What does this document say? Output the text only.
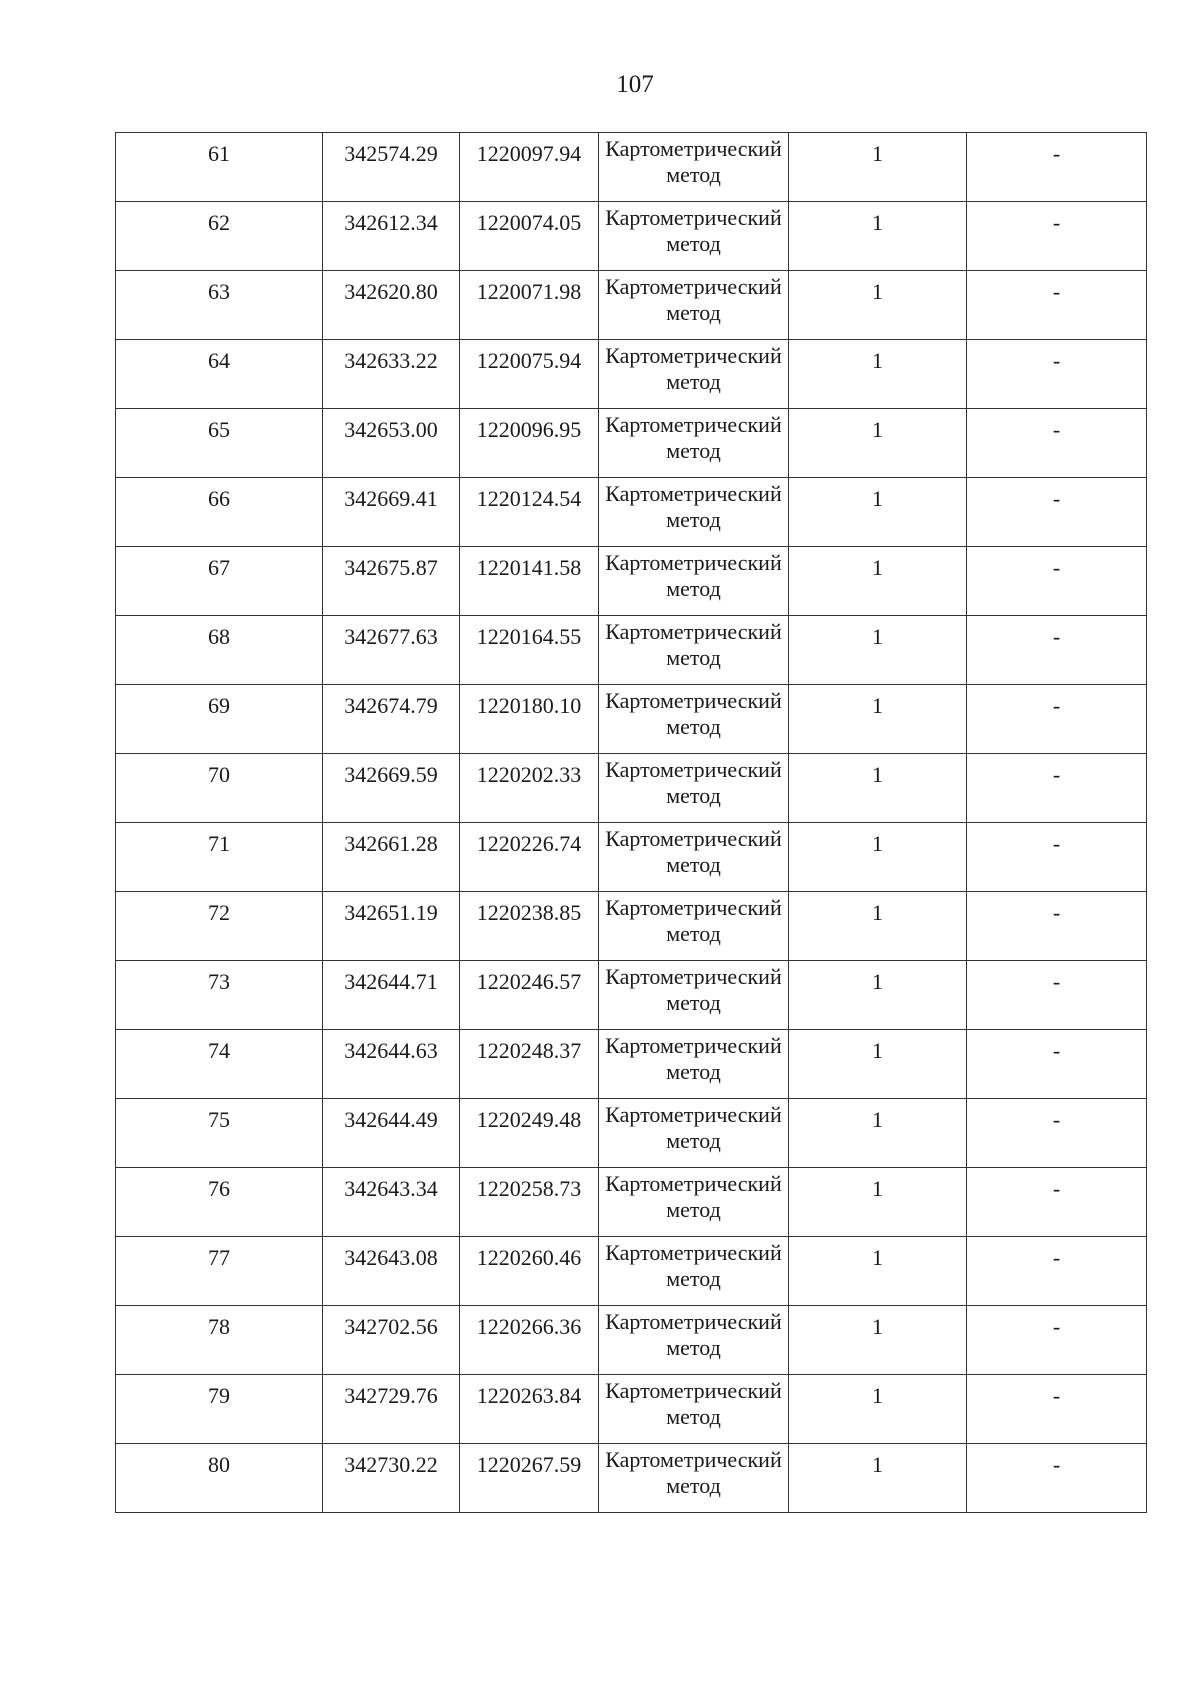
107
61	342574.29	1220097.94	Картометрический метод	1	-
62	342612.34	1220074.05	Картометрический метод	1	-
63	342620.80	1220071.98	Картометрический метод	1	-
64	342633.22	1220075.94	Картометрический метод	1	-
65	342653.00	1220096.95	Картометрический метод	1	-
66	342669.41	1220124.54	Картометрический метод	1	-
67	342675.87	1220141.58	Картометрический метод	1	-
68	342677.63	1220164.55	Картометрический метод	1	-
69	342674.79	1220180.10	Картометрический метод	1	-
70	342669.59	1220202.33	Картометрический метод	1	-
71	342661.28	1220226.74	Картометрический метод	1	-
72	342651.19	1220238.85	Картометрический метод	1	-
73	342644.71	1220246.57	Картометрический метод	1	-
74	342644.63	1220248.37	Картометрический метод	1	-
75	342644.49	1220249.48	Картометрический метод	1	-
76	342643.34	1220258.73	Картометрический метод	1	-
77	342643.08	1220260.46	Картометрический метод	1	-
78	342702.56	1220266.36	Картометрический метод	1	-
79	342729.76	1220263.84	Картометрический метод	1	-
80	342730.22	1220267.59	Картометрический метод	1	-
